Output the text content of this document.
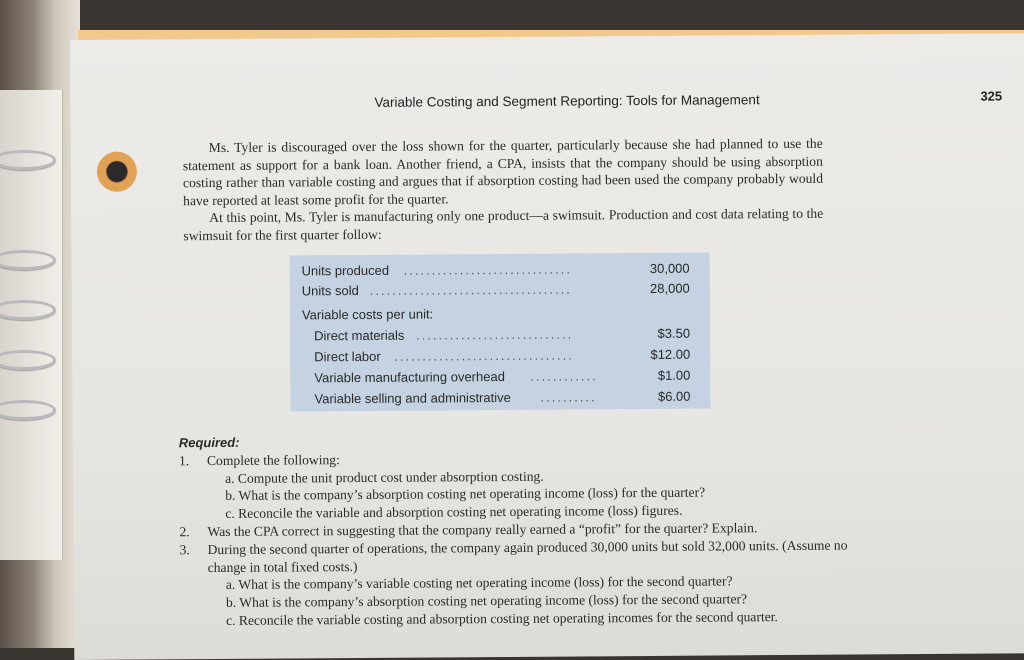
Variable Costing and Segment Reporting: Tools for Management	325

Ms. Tyler is discouraged over the loss shown for the quarter, particularly because she had planned to use the statement as support for a bank loan. Another friend, a CPA, insists that the company should be using absorption costing rather than variable costing and argues that if absorption costing had been used the company probably would have reported at least some profit for the quarter.

At this point, Ms. Tyler is manufacturing only one product—a swimsuit. Production and cost data relating to the swimsuit for the first quarter follow:

Units produced ..............................	30,000
Units sold ....................................	28,000
Variable costs per unit:
Direct materials ............................	$3.50
Direct labor ................................	$12.00
Variable manufacturing overhead ............	$1.00
Variable selling and administrative ..........	$6.00
Required:
1. Complete the following:
a. Compute the unit product cost under absorption costing.
b. What is the company’s absorption costing net operating income (loss) for the quarter?
c. Reconcile the variable and absorption costing net operating income (loss) figures.
2. Was the CPA correct in suggesting that the company really earned a “profit” for the quarter? Explain.
3. During the second quarter of operations, the company again produced 30,000 units but sold 32,000 units. (Assume no change in total fixed costs.)
a. What is the company’s variable costing net operating income (loss) for the second quarter?
b. What is the company’s absorption costing net operating income (loss) for the second quarter?
c. Reconcile the variable costing and absorption costing net operating incomes for the second quarter.
